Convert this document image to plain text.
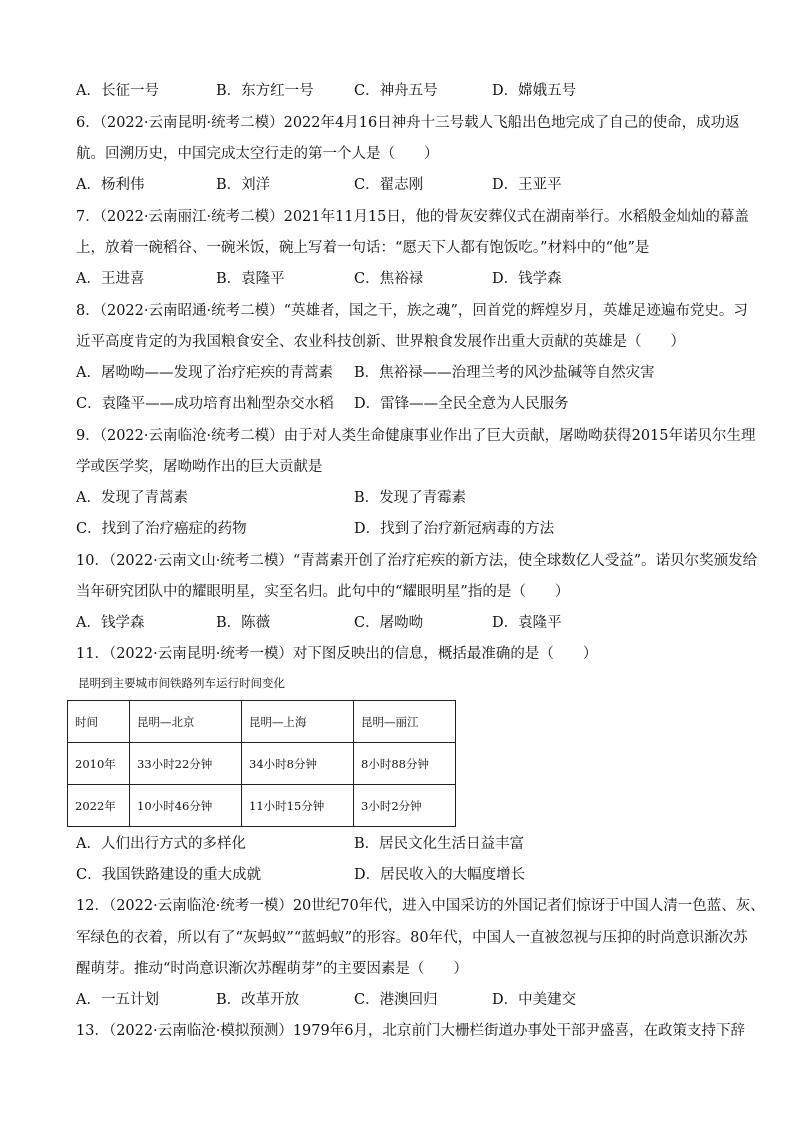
A．长征一号	B．东方红一号	C．神舟五号	D．嫦娥五号
6．（2022·云南昆明·统考二模）2022年4月16日神舟十三号载人飞船出色地完成了自己的使命，成功返
航。回溯历史，中国完成太空行走的第一个人是（　　）
A．杨利伟	B．刘洋	C．翟志刚	D．王亚平
7．（2022·云南丽江·统考二模）2021年11月15日，他的骨灰安葬仪式在湖南举行。水稻般金灿灿的幕盖
上，放着一碗稻谷、一碗米饭，碗上写着一句话：“愿天下人都有饱饭吃。”材料中的“他”是
A．王进喜	B．袁隆平	C．焦裕禄	D．钱学森
8．（2022·云南昭通·统考二模）“英雄者，国之干，族之魂”，回首党的辉煌岁月，英雄足迹遍布党史。习
近平高度肯定的为我国粮食安全、农业科技创新、世界粮食发展作出重大贡献的英雄是（　　）
A．屠呦呦——发现了治疗疟疾的青蒿素 B．焦裕禄——治理兰考的风沙盐碱等自然灾害
C．袁隆平——成功培育出籼型杂交水稻 D．雷锋——全民全意为人民服务
9．（2022·云南临沧·统考二模）由于对人类生命健康事业作出了巨大贡献，屠呦呦获得2015年诺贝尔生理
学或医学奖，屠呦呦作出的巨大贡献是
A．发现了青蒿素	B．发现了青霉素
C．找到了治疗癌症的药物	D．找到了治疗新冠病毒的方法
10．（2022·云南文山·统考二模）“青蒿素开创了治疗疟疾的新方法，使全球数亿人受益”。诺贝尔奖颁发给
当年研究团队中的耀眼明星，实至名归。此句中的“耀眼明星”指的是（　　）
A．钱学森	B．陈薇	C．屠呦呦	D．袁隆平
11．（2022·云南昆明·统考一模）对下图反映出的信息，概括最准确的是（　　）
昆明到主要城市间铁路列车运行时间变化
时间	昆明—北京	昆明—上海	昆明—丽江
2010年	33小时22分钟	34小时8分钟	8小时88分钟
2022年	10小时46分钟	11小时15分钟	3小时2分钟
A．人们出行方式的多样化	B．居民文化生活日益丰富
C．我国铁路建设的重大成就	D．居民收入的大幅度增长
12．（2022·云南临沧·统考一模）20世纪70年代，进入中国采访的外国记者们惊讶于中国人清一色蓝、灰、
军绿色的衣着，所以有了“灰蚂蚁”“蓝蚂蚁”的形容。80年代，中国人一直被忽视与压抑的时尚意识渐次苏
醒萌芽。推动“时尚意识渐次苏醒萌芽”的主要因素是（　　）
A．一五计划	B．改革开放	C．港澳回归	D．中美建交
13．（2022·云南临沧·模拟预测）1979年6月，北京前门大栅栏街道办事处干部尹盛喜，在政策支持下辞
